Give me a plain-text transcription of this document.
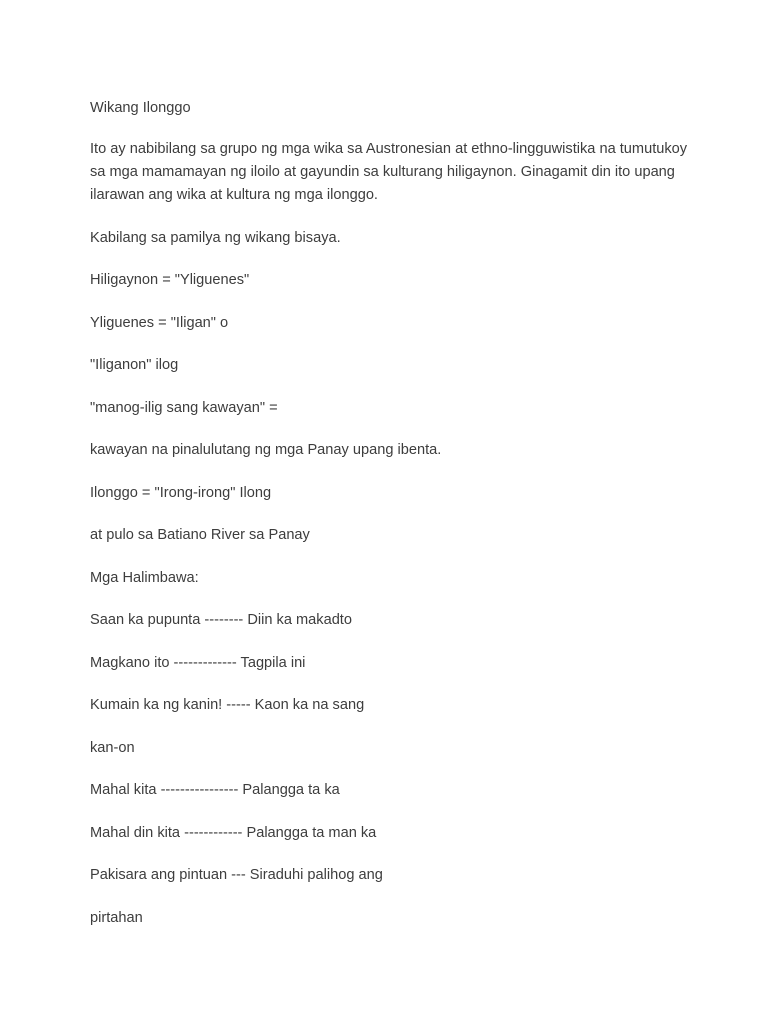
Wikang Ilonggo

Ito ay nabibilang sa grupo ng mga wika sa Austronesian at ethno-lingguwistika na tumutukoy sa mga mamamayan ng iloilo at gayundin sa kulturang hiligaynon. Ginagamit din ito upang ilarawan ang wika at kultura ng mga ilonggo.

Kabilang sa pamilya ng wikang bisaya.

Hiligaynon = "Yliguenes"

Yliguenes = "Iligan" o

"Iliganon" ilog

"manog-ilig sang kawayan" =

kawayan na pinalulutang ng mga Panay upang ibenta.

Ilonggo = "Irong-irong" Ilong

at pulo sa Batiano River sa Panay

Mga Halimbawa:

Saan ka pupunta -------- Diin ka makadto

Magkano ito ------------- Tagpila ini

Kumain ka ng kanin! ----- Kaon ka na sang

kan-on

Mahal kita ---------------- Palangga ta ka

Mahal din kita ------------ Palangga ta man ka

Pakisara ang pintuan --- Siraduhi palihog ang

pirtahan
